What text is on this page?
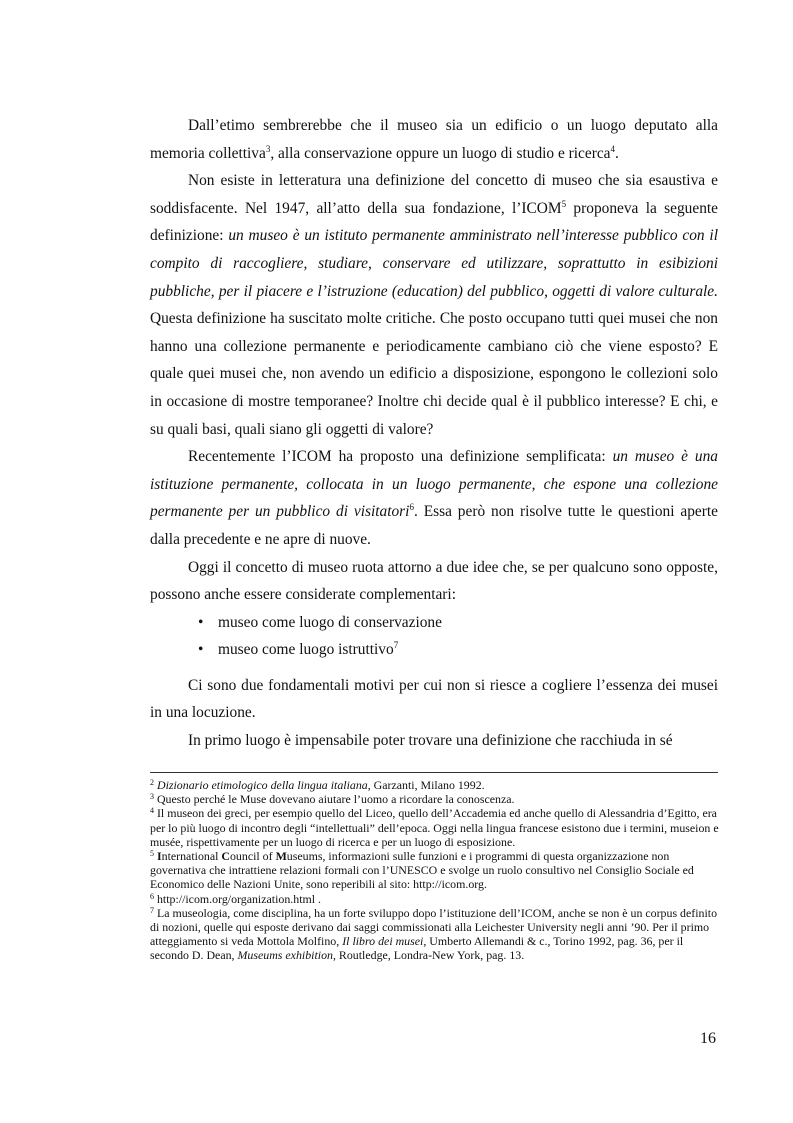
Dall’etimo sembrerebbe che il museo sia un edificio o un luogo deputato alla memoria collettiva$^3$, alla conservazione oppure un luogo di studio e ricerca$^4$.

Non esiste in letteratura una definizione del concetto di museo che sia esaustiva e soddisfacente. Nel 1947, all’atto della sua fondazione, l’ICOM$^5$ proponeva la seguente definizione: un museo è un istituto permanente amministrato nell’interesse pubblico con il compito di raccogliere, studiare, conservare ed utilizzare, soprattutto in esibizioni pubbliche, per il piacere e l’istruzione (education) del pubblico, oggetti di valore culturale. Questa definizione ha suscitato molte critiche. Che posto occupano tutti quei musei che non hanno una collezione permanente e periodicamente cambiano ciò che viene esposto? E quale quei musei che, non avendo un edificio a disposizione, espongono le collezioni solo in occasione di mostre temporanee? Inoltre chi decide qual è il pubblico interesse? E chi, e su quali basi, quali siano gli oggetti di valore?

Recentemente l’ICOM ha proposto una definizione semplificata: un museo è una istituzione permanente, collocata in un luogo permanente, che espone una collezione permanente per un pubblico di visitatori$^6$. Essa però non risolve tutte le questioni aperte dalla precedente e ne apre di nuove.

Oggi il concetto di museo ruota attorno a due idee che, se per qualcuno sono opposte, possono anche essere considerate complementari:

• museo come luogo di conservazione
• museo come luogo istruttivo$^7$

Ci sono due fondamentali motivi per cui non si riesce a cogliere l’essenza dei musei in una locuzione.

In primo luogo è impensabile poter trovare una definizione che racchiuda in sé

$^2$ Dizionario etimologico della lingua italiana, Garzanti, Milano 1992.

$^3$ Questo perché le Muse dovevano aiutare l’uomo a ricordare la conoscenza.

$^4$ Il museon dei greci, per esempio quello del Liceo, quello dell’Accademia ed anche quello di Alessandria d’Egitto, era per lo più luogo di incontro degli “intellettuali” dell’epoca. Oggi nella lingua francese esistono due i termini, museion e musée, rispettivamente per un luogo di ricerca e per un luogo di esposizione.

$^5$ International Council of Museums, informazioni sulle funzioni e i programmi di questa organizzazione non governativa che intrattiene relazioni formali con l’UNESCO e svolge un ruolo consultivo nel Consiglio Sociale ed Economico delle Nazioni Unite, sono reperibili al sito: http://icom.org.

$^6$ http://icom.org/organization.html .

$^7$ La museologia, come disciplina, ha un forte sviluppo dopo l’istituzione dell’ICOM, anche se non è un corpus definito di nozioni, quelle qui esposte derivano dai saggi commissionati alla Leichester University negli anni ’90. Per il primo atteggiamento si veda Mottola Molfino, Il libro dei musei, Umberto Allemandi & c., Torino 1992, pag. 36, per il secondo D. Dean, Museums exhibition, Routledge, Londra-New York, pag. 13.

16
